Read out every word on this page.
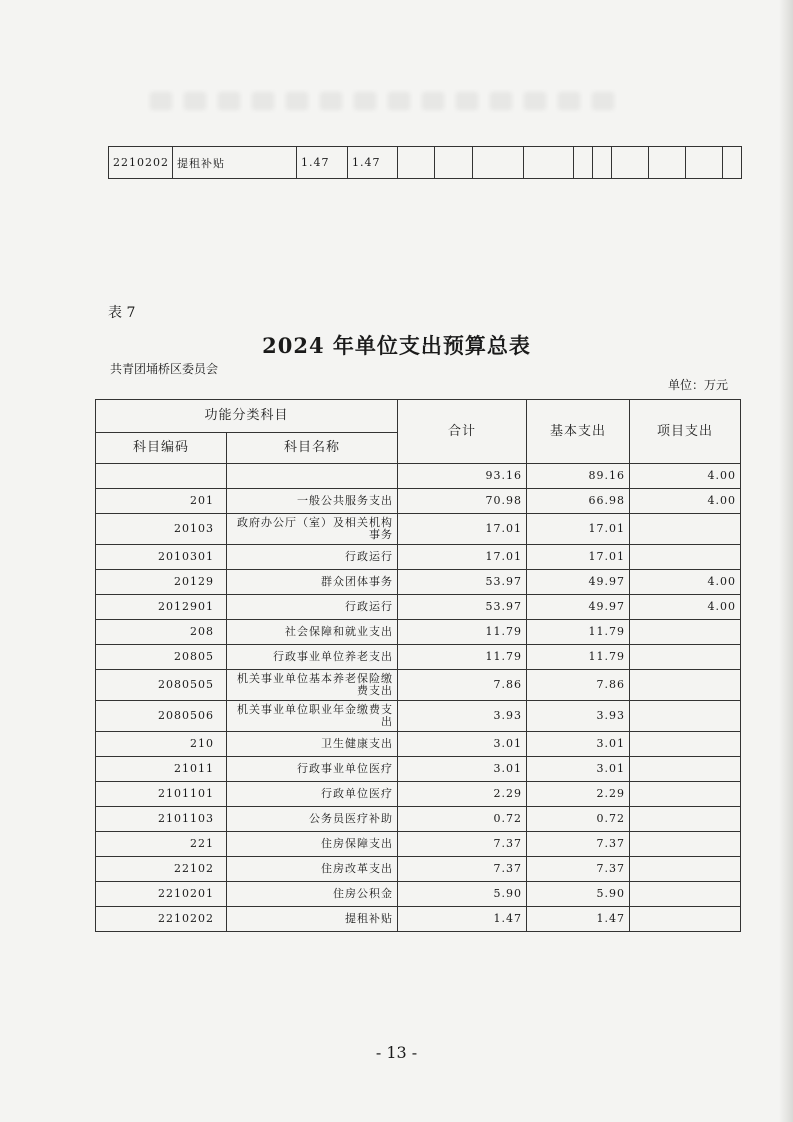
2210202	提租补贴	1.47	1.47										
表 7
2024 年单位支出预算总表
共青团埇桥区委员会
单位：万元
功能分类科目		合计	基本支出	项目支出
科目编码	科目名称			
		93.16	89.16	4.00
201	一般公共服务支出	70.98	66.98	4.00
20103	政府办公厅（室）及相关机构事务	17.01	17.01	
2010301	行政运行	17.01	17.01	
20129	群众团体事务	53.97	49.97	4.00
2012901	行政运行	53.97	49.97	4.00
208	社会保障和就业支出	11.79	11.79	
20805	行政事业单位养老支出	11.79	11.79	
2080505	机关事业单位基本养老保险缴费支出	7.86	7.86	
2080506	机关事业单位职业年金缴费支出	3.93	3.93	
210	卫生健康支出	3.01	3.01	
21011	行政事业单位医疗	3.01	3.01	
2101101	行政单位医疗	2.29	2.29	
2101103	公务员医疗补助	0.72	0.72	
221	住房保障支出	7.37	7.37	
22102	住房改革支出	7.37	7.37	
2210201	住房公积金	5.90	5.90	
2210202	提租补贴	1.47	1.47	
- 13 -
